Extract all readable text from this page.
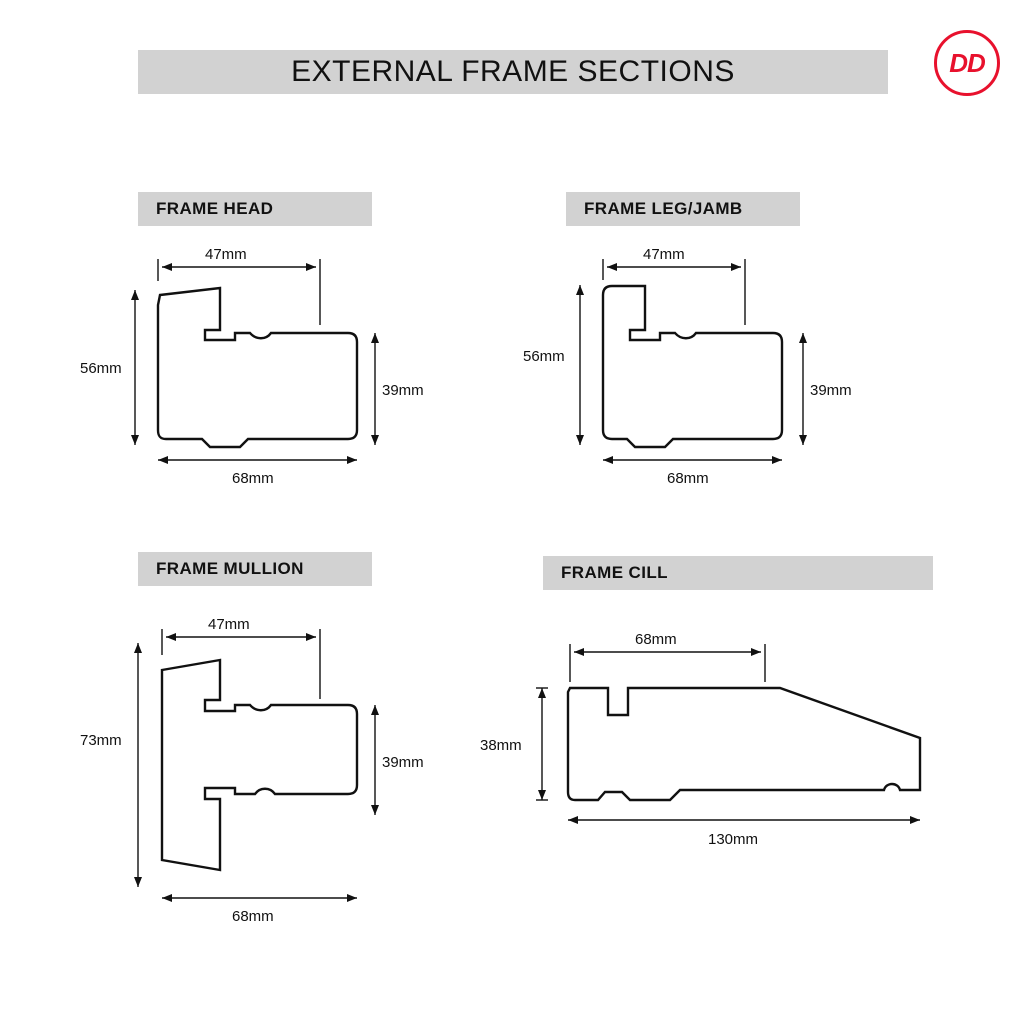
EXTERNAL FRAME SECTIONS	DD
FRAME HEAD
47mm
56mm
39mm
68mm
FRAME LEG/JAMB
47mm
56mm
39mm
68mm
FRAME MULLION
47mm
73mm
39mm
68mm
FRAME CILL
68mm
38mm
130mm
